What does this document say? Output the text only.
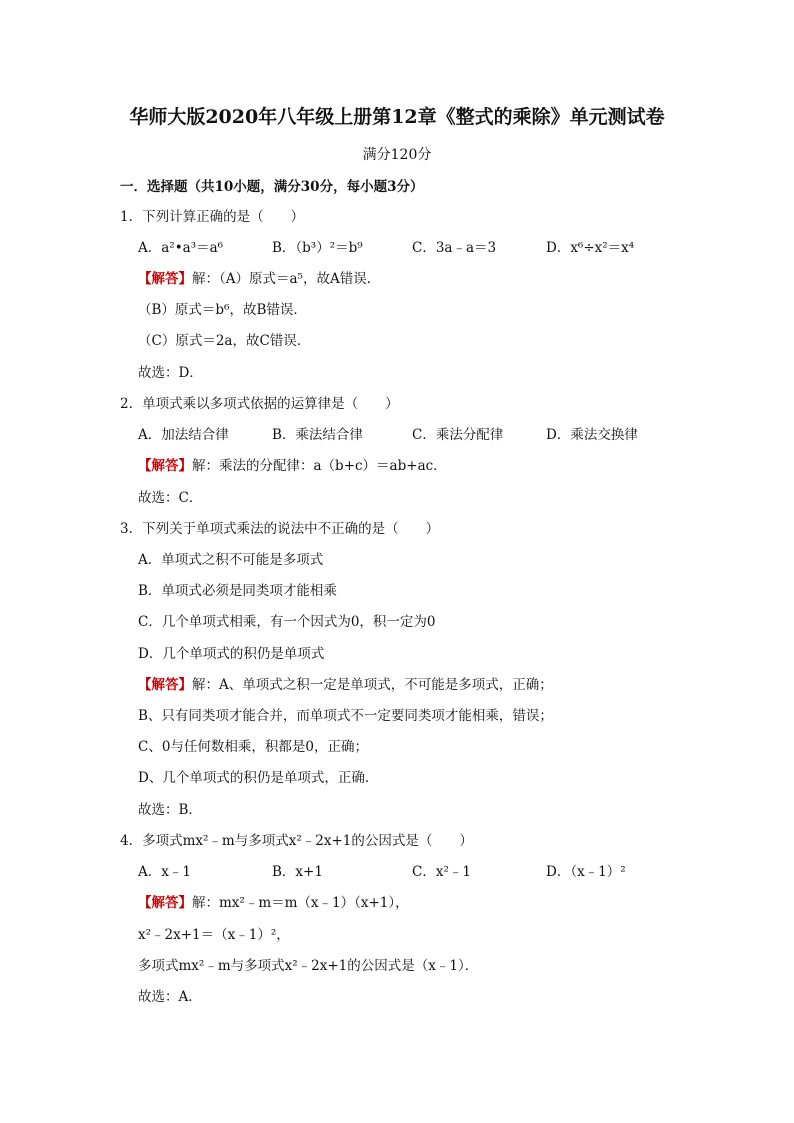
华师大版2020年八年级上册第12章《整式的乘除》单元测试卷
满分120分
一．选择题（共10小题，满分30分，每小题3分）
1．下列计算正确的是（　　）
A．a²•a³＝a⁶	B．（b³）²＝b⁹	C．3a﹣a＝3	D．x⁶÷x²＝x⁴
【解答】解：（A）原式＝a⁵，故A错误．
（B）原式＝b⁶，故B错误．
（C）原式＝2a，故C错误．
故选：D．
2．单项式乘以多项式依据的运算律是（　　）
A．加法结合律	B．乘法结合律	C．乘法分配律	D．乘法交换律
【解答】解：乘法的分配律：a（b+c）＝ab+ac．
故选：C．
3．下列关于单项式乘法的说法中不正确的是（　　）
A．单项式之积不可能是多项式
B．单项式必须是同类项才能相乘
C．几个单项式相乘，有一个因式为0，积一定为0
D．几个单项式的积仍是单项式
【解答】解：A、单项式之积一定是单项式，不可能是多项式，正确；
B、只有同类项才能合并，而单项式不一定要同类项才能相乘，错误；
C、0与任何数相乘，积都是0，正确；
D、几个单项式的积仍是单项式，正确．
故选：B．
4．多项式mx²﹣m与多项式x²﹣2x+1的公因式是（　　）
A．x﹣1	B．x+1	C．x²﹣1	D．（x﹣1）²
【解答】解：mx²﹣m＝m（x﹣1）（x+1），
x²﹣2x+1＝（x﹣1）²，
多项式mx²﹣m与多项式x²﹣2x+1的公因式是（x﹣1）．
故选：A．
